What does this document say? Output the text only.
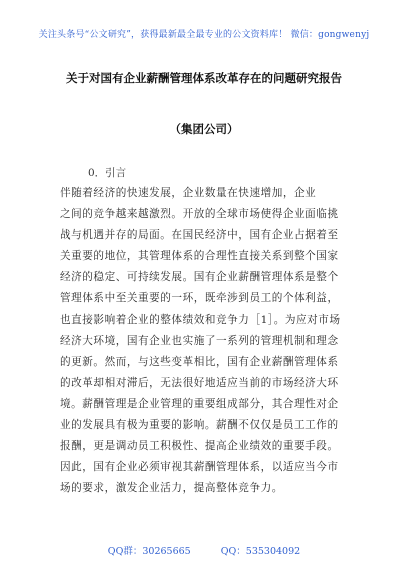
关注头条号“公文研究”，获得最新最全最专业的公文资料库！ 微信：gongwenyj
关于对国有企业薪酬管理体系改革存在的问题研究报告
（集团公司）
0．引言
伴随着经济的快速发展，企业数量在快速增加，企业
之间的竞争越来越激烈。开放的全球市场使得企业面临挑
战与机遇并存的局面。在国民经济中，国有企业占据着至
关重要的地位，其管理体系的合理性直接关系到整个国家
经济的稳定、可持续发展。国有企业薪酬管理体系是整个
管理体系中至关重要的一环，既牵涉到员工的个体利益，
也直接影响着企业的整体绩效和竞争力［1］。为应对市场
经济大环境，国有企业也实施了一系列的管理机制和理念
的更新。然而，与这些变革相比，国有企业薪酬管理体系
的改革却相对滞后，无法很好地适应当前的市场经济大环
境。薪酬管理是企业管理的重要组成部分，其合理性对企
业的发展具有极为重要的影响。薪酬不仅仅是员工工作的
报酬，更是调动员工积极性、提高企业绩效的重要手段。
因此，国有企业必须审视其薪酬管理体系，以适应当今市
场的要求，激发企业活力，提高整体竞争力。
QQ群：30265665	QQ：535304092
